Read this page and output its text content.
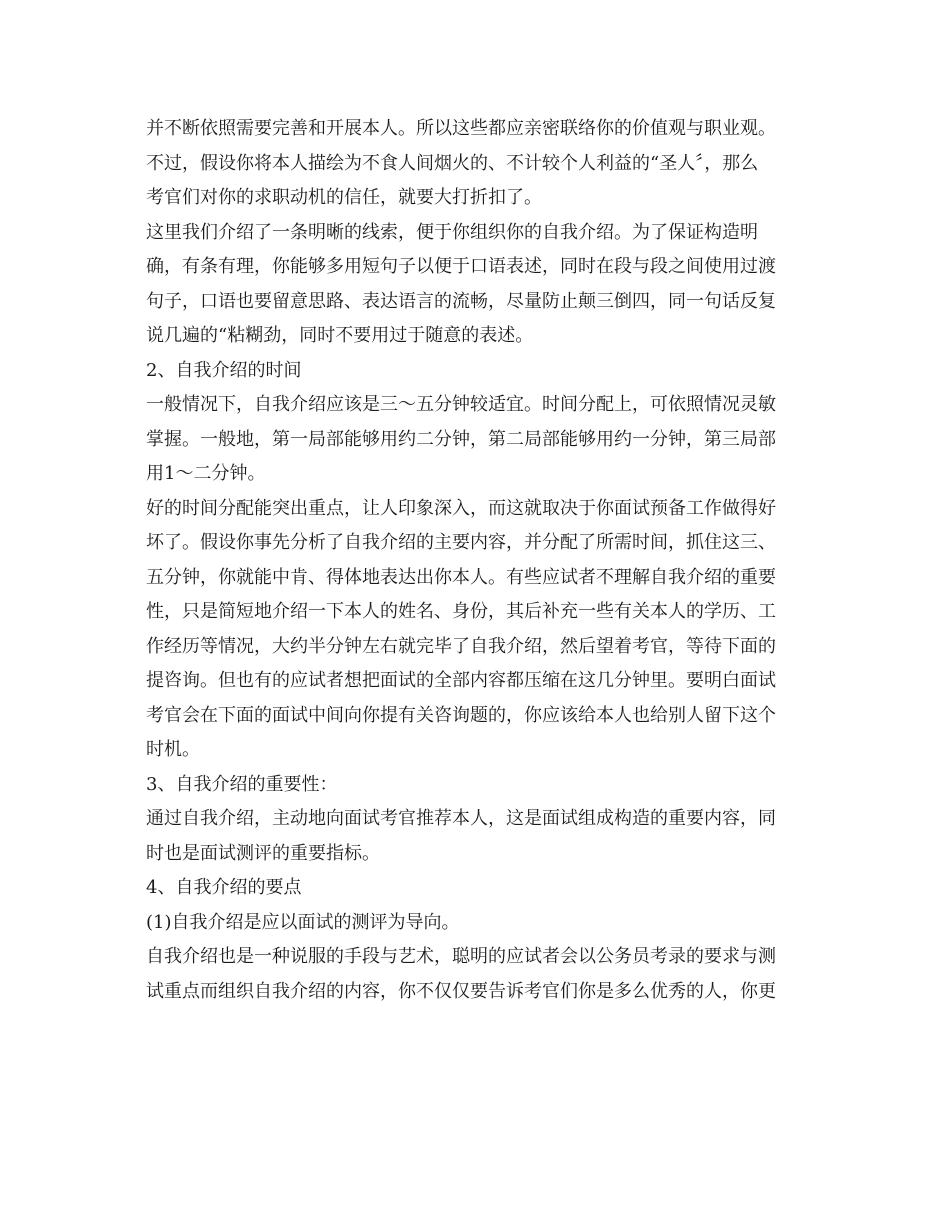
并不断依照需要完善和开展本人。所以这些都应亲密联络你的价值观与职业观。
不过，假设你将本人描绘为不食人间烟火的、不计较个人利益的“圣人〞，那么
考官们对你的求职动机的信任，就要大打折扣了。
这里我们介绍了一条明晰的线索，便于你组织你的自我介绍。为了保证构造明
确，有条有理，你能够多用短句子以便于口语表述，同时在段与段之间使用过渡
句子，口语也要留意思路、表达语言的流畅，尽量防止颠三倒四，同一句话反复
说几遍的“粘糊劲，同时不要用过于随意的表述。
2、自我介绍的时间
一般情况下，自我介绍应该是三～五分钟较适宜。时间分配上，可依照情况灵敏
掌握。一般地，第一局部能够用约二分钟，第二局部能够用约一分钟，第三局部
用1～二分钟。
好的时间分配能突出重点，让人印象深入，而这就取决于你面试预备工作做得好
坏了。假设你事先分析了自我介绍的主要内容，并分配了所需时间，抓住这三、
五分钟，你就能中肯、得体地表达出你本人。有些应试者不理解自我介绍的重要
性，只是简短地介绍一下本人的姓名、身份，其后补充一些有关本人的学历、工
作经历等情况，大约半分钟左右就完毕了自我介绍，然后望着考官，等待下面的
提咨询。但也有的应试者想把面试的全部内容都压缩在这几分钟里。要明白面试
考官会在下面的面试中间向你提有关咨询题的，你应该给本人也给别人留下这个
时机。
3、自我介绍的重要性：
通过自我介绍，主动地向面试考官推荐本人，这是面试组成构造的重要内容，同
时也是面试测评的重要指标。
4、自我介绍的要点
(1)自我介绍是应以面试的测评为导向。
自我介绍也是一种说服的手段与艺术，聪明的应试者会以公务员考录的要求与测
试重点而组织自我介绍的内容，你不仅仅要告诉考官们你是多么优秀的人，你更
